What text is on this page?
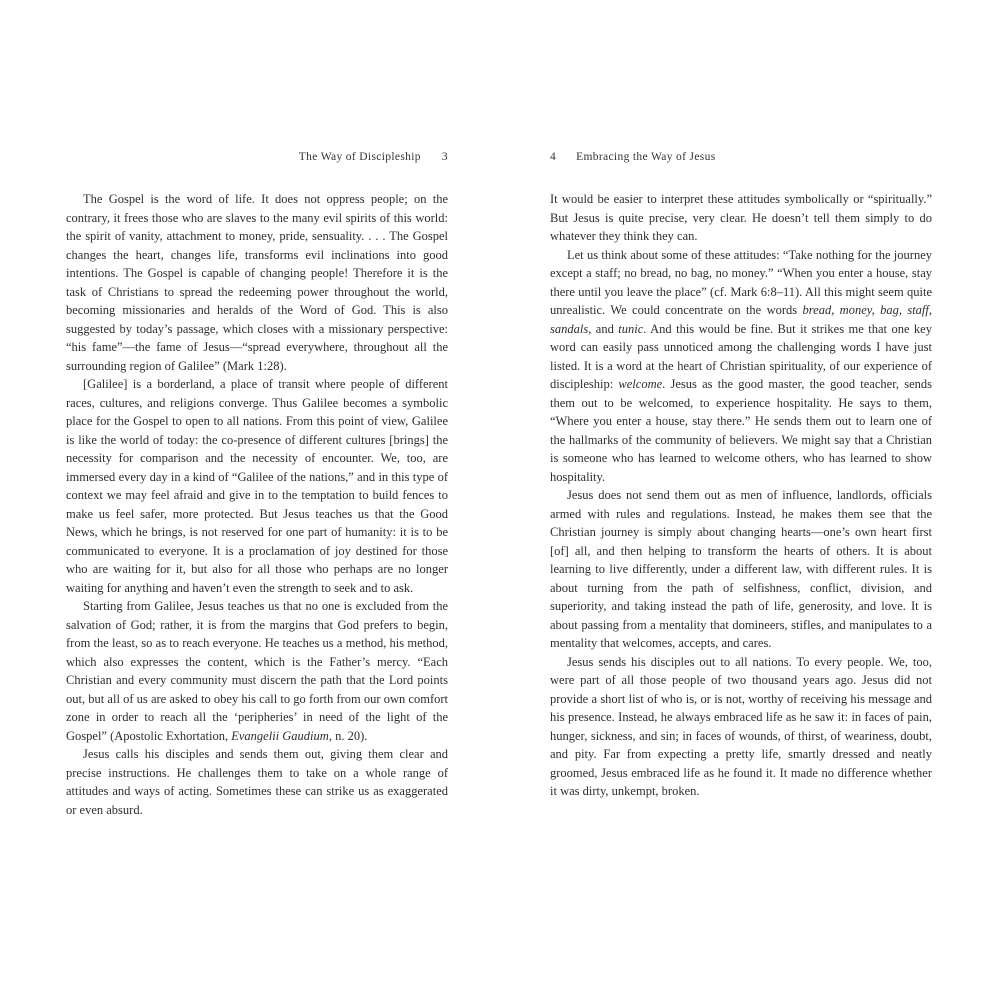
The Way of Discipleship 3

The Gospel is the word of life. It does not oppress people; on the contrary, it frees those who are slaves to the many evil spirits of this world: the spirit of vanity, attachment to money, pride, sensuality. . . . The Gospel changes the heart, changes life, transforms evil inclinations into good intentions. The Gospel is capable of changing people! Therefore it is the task of Christians to spread the redeeming power throughout the world, becoming missionaries and heralds of the Word of God. This is also suggested by today’s passage, which closes with a missionary perspective: “his fame”—the fame of Jesus—“spread everywhere, throughout all the surrounding region of Galilee” (Mark 1:28).

[Galilee] is a borderland, a place of transit where people of different races, cultures, and religions converge. Thus Galilee becomes a symbolic place for the Gospel to open to all nations. From this point of view, Galilee is like the world of today: the co-presence of different cultures [brings] the necessity for comparison and the necessity of encounter. We, too, are immersed every day in a kind of “Galilee of the nations,” and in this type of context we may feel afraid and give in to the temptation to build fences to make us feel safer, more protected. But Jesus teaches us that the Good News, which he brings, is not reserved for one part of humanity: it is to be communicated to everyone. It is a proclamation of joy destined for those who are waiting for it, but also for all those who perhaps are no longer waiting for anything and haven’t even the strength to seek and to ask.

Starting from Galilee, Jesus teaches us that no one is excluded from the salvation of God; rather, it is from the margins that God prefers to begin, from the least, so as to reach everyone. He teaches us a method, his method, which also expresses the content, which is the Father’s mercy. “Each Christian and every community must discern the path that the Lord points out, but all of us are asked to obey his call to go forth from our own comfort zone in order to reach all the ‘peripheries’ in need of the light of the Gospel” (Apostolic Exhortation, Evangelii Gaudium, n. 20).

Jesus calls his disciples and sends them out, giving them clear and precise instructions. He challenges them to take on a whole range of attitudes and ways of acting. Sometimes these can strike us as exaggerated or even absurd.

4 Embracing the Way of Jesus

It would be easier to interpret these attitudes symbolically or “spiritually.” But Jesus is quite precise, very clear. He doesn’t tell them simply to do whatever they think they can.

Let us think about some of these attitudes: “Take nothing for the journey except a staff; no bread, no bag, no money.” “When you enter a house, stay there until you leave the place” (cf. Mark 6:8–11). All this might seem quite unrealistic. We could concentrate on the words bread, money, bag, staff, sandals, and tunic. And this would be fine. But it strikes me that one key word can easily pass unnoticed among the challenging words I have just listed. It is a word at the heart of Christian spirituality, of our experience of discipleship: welcome. Jesus as the good master, the good teacher, sends them out to be welcomed, to experience hospitality. He says to them, “Where you enter a house, stay there.” He sends them out to learn one of the hallmarks of the community of believers. We might say that a Christian is someone who has learned to welcome others, who has learned to show hospitality.

Jesus does not send them out as men of influence, landlords, officials armed with rules and regulations. Instead, he makes them see that the Christian journey is simply about changing hearts—one’s own heart first [of] all, and then helping to transform the hearts of others. It is about learning to live differently, under a different law, with different rules. It is about turning from the path of selfishness, conflict, division, and superiority, and taking instead the path of life, generosity, and love. It is about passing from a mentality that domineers, stifles, and manipulates to a mentality that welcomes, accepts, and cares.

Jesus sends his disciples out to all nations. To every people. We, too, were part of all those people of two thousand years ago. Jesus did not provide a short list of who is, or is not, worthy of receiving his message and his presence. Instead, he always embraced life as he saw it: in faces of pain, hunger, sickness, and sin; in faces of wounds, of thirst, of weariness, doubt, and pity. Far from expecting a pretty life, smartly dressed and neatly groomed, Jesus embraced life as he found it. It made no difference whether it was dirty, unkempt, broken.
